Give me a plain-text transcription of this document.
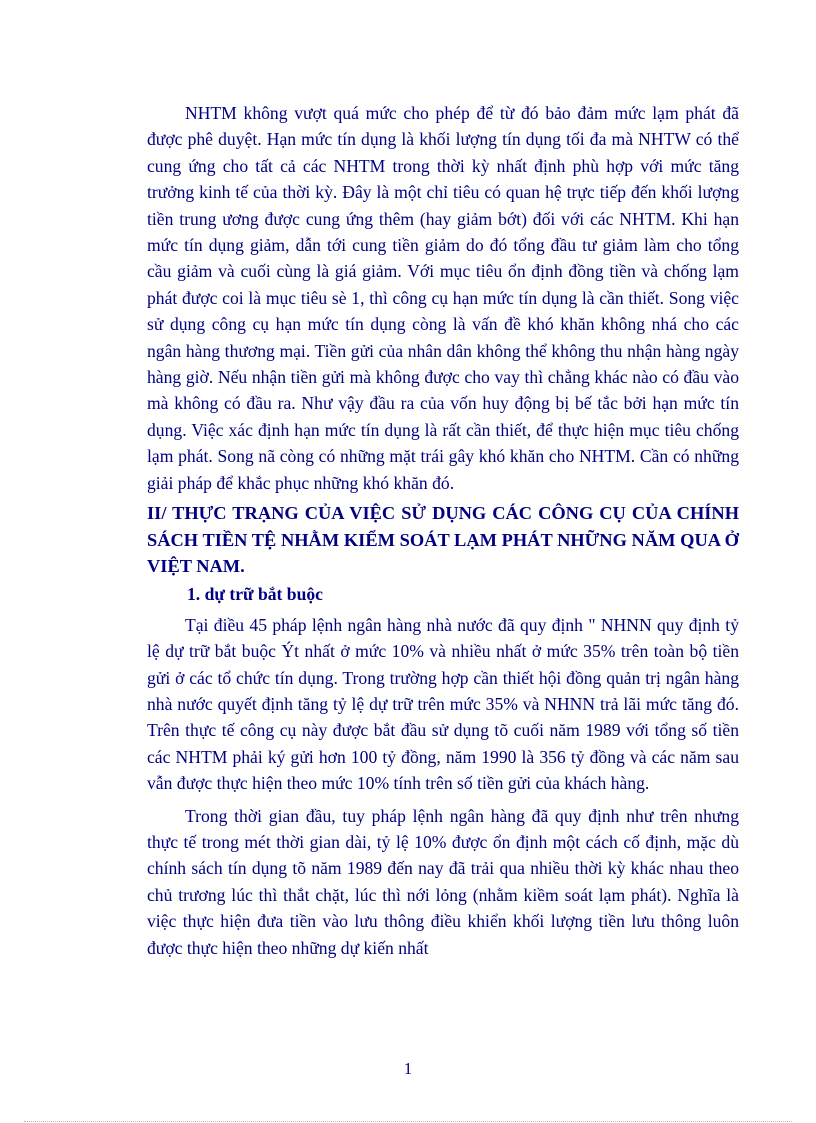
NHTM không vượt quá mức cho phép để từ đó bảo đảm mức lạm phát đã được phê duyệt. Hạn mức tín dụng là khối lượng tín dụng tối đa mà NHTW có thể cung ứng cho tất cả các NHTM trong thời kỳ nhất định phù hợp với mức tăng trưởng kinh tế của thời kỳ. Đây là một chỉ tiêu có quan hệ trực tiếp đến khối lượng tiền trung ương được cung ứng thêm (hay giảm bớt) đối với các NHTM. Khi hạn mức tín dụng giảm, dẫn tới cung tiền giảm do đó tổng đầu tư giảm làm cho tổng cầu giảm và cuối cùng là giá giảm. Với mục tiêu ổn định đồng tiền và chống lạm phát được coi là mục tiêu sè 1, thì công cụ hạn mức tín dụng là cần thiết. Song việc sử dụng công cụ hạn mức tín dụng còng là vấn đề khó khăn không nhá cho các ngân hàng thương mại. Tiền gửi của nhân dân không thể không thu nhận hàng ngày hàng giờ. Nếu nhận tiền gửi mà không được cho vay thì chẳng khác nào có đầu vào mà không có đầu ra. Như vậy đầu ra của vốn huy động bị bế tắc bởi hạn mức tín dụng. Việc xác định hạn mức tín dụng là rất cần thiết, để thực hiện mục tiêu chống lạm phát. Song nã còng có những mặt trái gây khó khăn cho NHTM. Cần có những giải pháp để khắc phục những khó khăn đó.

II/ THỰC TRẠNG CỦA VIỆC SỬ DỤNG CÁC CÔNG CỤ CỦA CHÍNH SÁCH TIỀN TỆ NHẰM KIỂM SOÁT LẠM PHÁT NHỮNG NĂM QUA Ở VIỆT NAM.

1. dự trữ bắt buộc

Tại điều 45 pháp lệnh ngân hàng nhà nước đã quy định " NHNN quy định tỷ lệ dự trữ bắt buộc Ýt nhất ở mức 10% và nhiều nhất ở mức 35% trên toàn bộ tiền gửi ở các tổ chức tín dụng. Trong trường hợp cần thiết hội đồng quản trị ngân hàng nhà nước quyết định tăng tỷ lệ dự trữ trên mức 35% và NHNN trả lãi mức tăng đó. Trên thực tế công cụ này được bắt đầu sử dụng tõ cuối năm 1989 với tổng số tiền các NHTM phải ký gửi hơn 100 tỷ đồng, năm 1990 là 356 tỷ đồng và các năm sau vẫn được thực hiện theo mức 10% tính trên số tiền gửi của khách hàng.

Trong thời gian đầu, tuy pháp lệnh ngân hàng đã quy định như trên nhưng thực tế trong mét thời gian dài, tỷ lệ 10% được ổn định một cách cố định, mặc dù chính sách tín dụng tõ năm 1989 đến nay đã trải qua nhiều thời kỳ khác nhau theo chủ trương lúc thì thắt chặt, lúc thì nới lỏng (nhằm kiềm soát lạm phát). Nghĩa là việc thực hiện đưa tiền vào lưu thông điều khiển khối lượng tiền lưu thông luôn được thực hiện theo những dự kiến nhất

1
